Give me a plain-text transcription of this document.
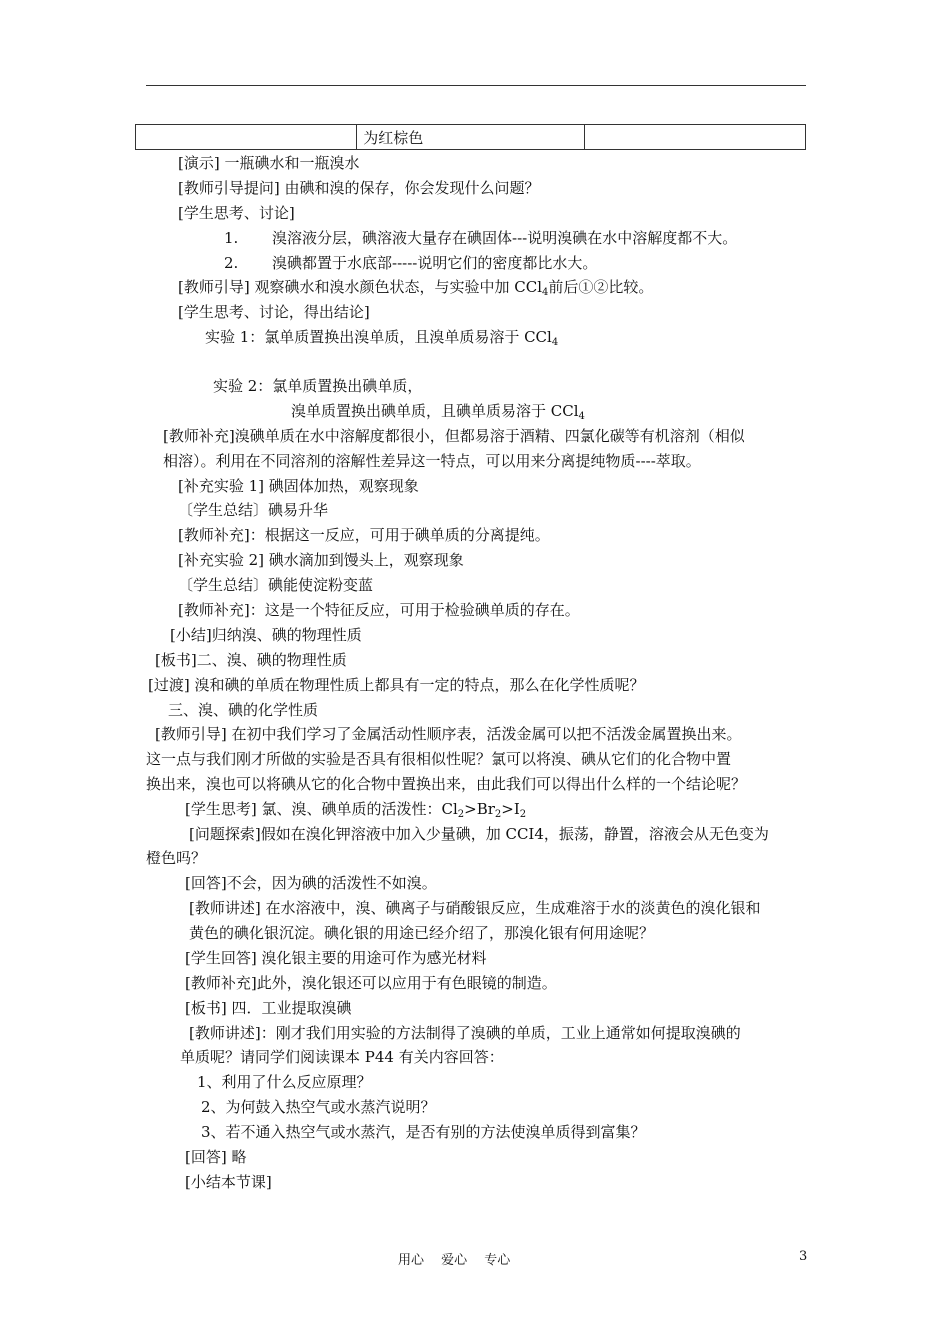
	为红棕色	
[演示] 一瓶碘水和一瓶溴水
[教师引导提问] 由碘和溴的保存，你会发现什么问题？
[学生思考、讨论]
1. 溴溶液分层，碘溶液大量存在碘固体---说明溴碘在水中溶解度都不大。
2. 溴碘都置于水底部-----说明它们的密度都比水大。
[教师引导] 观察碘水和溴水颜色状态，与实验中加 CCl$_4$前后①②比较。
[学生思考、讨论，得出结论]
实验 1：氯单质置换出溴单质，且溴单质易溶于 CCl$_4$
实验 2：氯单质置换出碘单质，
溴单质置换出碘单质，且碘单质易溶于 CCl$_4$
[教师补充]溴碘单质在水中溶解度都很小，但都易溶于酒精、四氯化碳等有机溶剂（相似
相溶）。利用在不同溶剂的溶解性差异这一特点，可以用来分离提纯物质----萃取。
[补充实验 1] 碘固体加热，观察现象
〔学生总结〕碘易升华
[教师补充]：根据这一反应，可用于碘单质的分离提纯。
[补充实验 2] 碘水滴加到馒头上，观察现象
〔学生总结〕碘能使淀粉变蓝
[教师补充]：这是一个特征反应，可用于检验碘单质的存在。
[小结]归纳溴、碘的物理性质
[板书]二、溴、碘的物理性质
[过渡] 溴和碘的单质在物理性质上都具有一定的特点，那么在化学性质呢？
三、溴、碘的化学性质
[教师引导] 在初中我们学习了金属活动性顺序表，活泼金属可以把不活泼金属置换出来。
这一点与我们刚才所做的实验是否具有很相似性呢？氯可以将溴、碘从它们的化合物中置
换出来，溴也可以将碘从它的化合物中置换出来，由此我们可以得出什么样的一个结论呢？
[学生思考] 氯、溴、碘单质的活泼性：$Cl_2>Br_2>I_2$
[问题探索]假如在溴化钾溶液中加入少量碘，加 CCI4，振荡，静置，溶液会从无色变为
橙色吗？
[回答]不会，因为碘的活泼性不如溴。
[教师讲述] 在水溶液中，溴、碘离子与硝酸银反应，生成难溶于水的淡黄色的溴化银和
黄色的碘化银沉淀。碘化银的用途已经介绍了，那溴化银有何用途呢？
[学生回答] 溴化银主要的用途可作为感光材料
[教师补充]此外，溴化银还可以应用于有色眼镜的制造。
[板书] 四．工业提取溴碘
[教师讲述]：刚才我们用实验的方法制得了溴碘的单质，工业上通常如何提取溴碘的
单质呢？请同学们阅读课本 P44 有关内容回答：
1、利用了什么反应原理？
2、为何鼓入热空气或水蒸汽说明？
3、若不通入热空气或水蒸汽，是否有别的方法使溴单质得到富集？
[回答] 略
[小结本节课]
用心　 爱心　 专心	3
